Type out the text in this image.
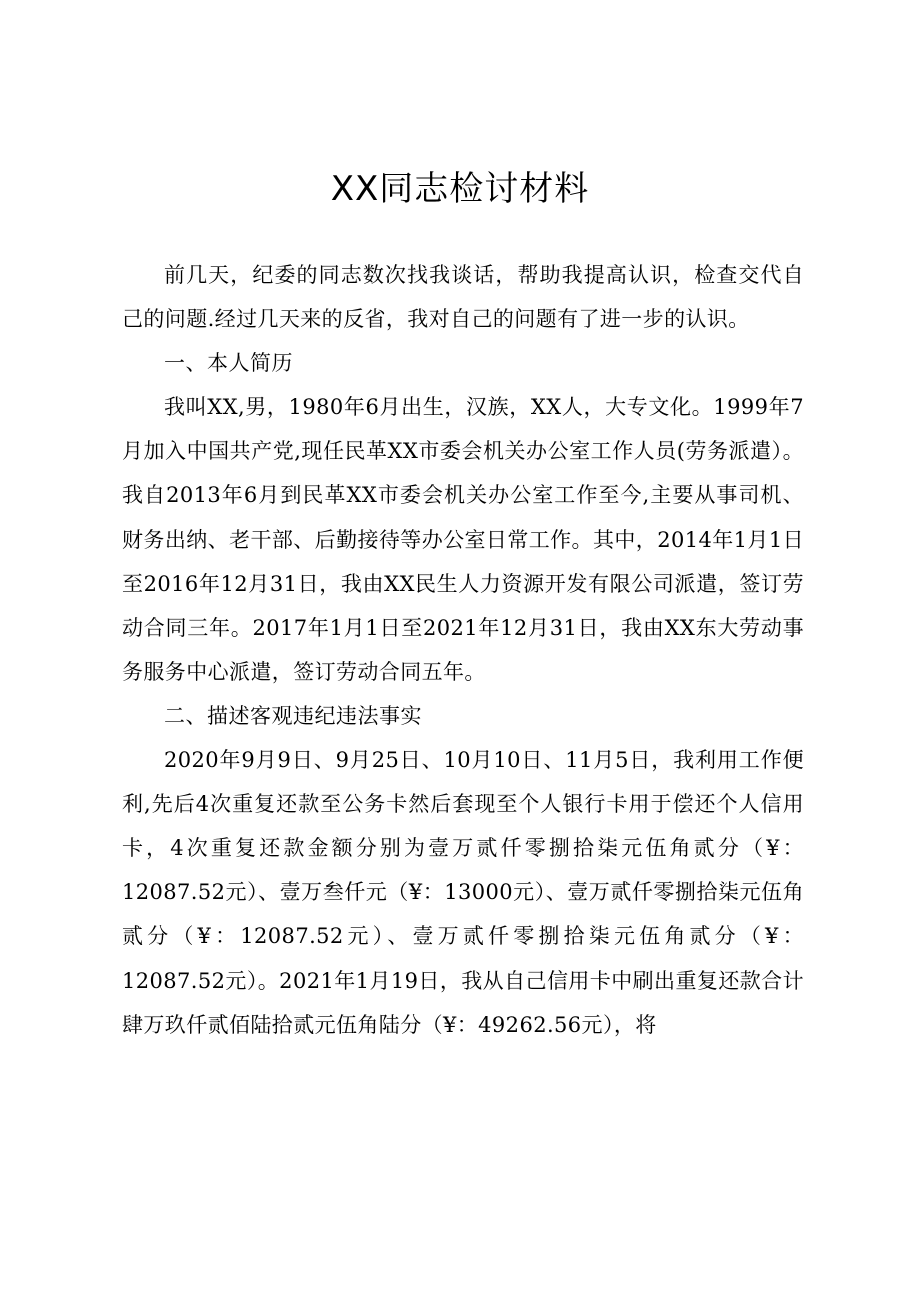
XX同志检讨材料

前几天，纪委的同志数次找我谈话，帮助我提高认识，检查交代自己的问题.经过几天来的反省，我对自己的问题有了进一步的认识。

一、本人简历

我叫XX,男，1980年6月出生，汉族，XX人，大专文化。1999年7月加入中国共产党,现任民革XX市委会机关办公室工作人员(劳务派遣）。我自2013年6月到民革XX市委会机关办公室工作至今,主要从事司机、财务出纳、老干部、后勤接待等办公室日常工作。其中，2014年1月1日至2016年12月31日，我由XX民生人力资源开发有限公司派遣，签订劳动合同三年。2017年1月1日至2021年12月31日，我由XX东大劳动事务服务中心派遣，签订劳动合同五年。

二、描述客观违纪违法事实

2020年9月9日、9月25日、10月10日、11月5日，我利用工作便利,先后4次重复还款至公务卡然后套现至个人银行卡用于偿还个人信用卡，4次重复还款金额分别为壹万贰仟零捌拾柒元伍角贰分（¥：12087.52元）、壹万叁仟元（¥：13000元）、壹万贰仟零捌拾柒元伍角贰分（¥：12087.52元）、壹万贰仟零捌拾柒元伍角贰分（¥：12087.52元）。2021年1月19日，我从自己信用卡中刷出重复还款合计肆万玖仟贰佰陆拾贰元伍角陆分（¥：49262.56元），将
